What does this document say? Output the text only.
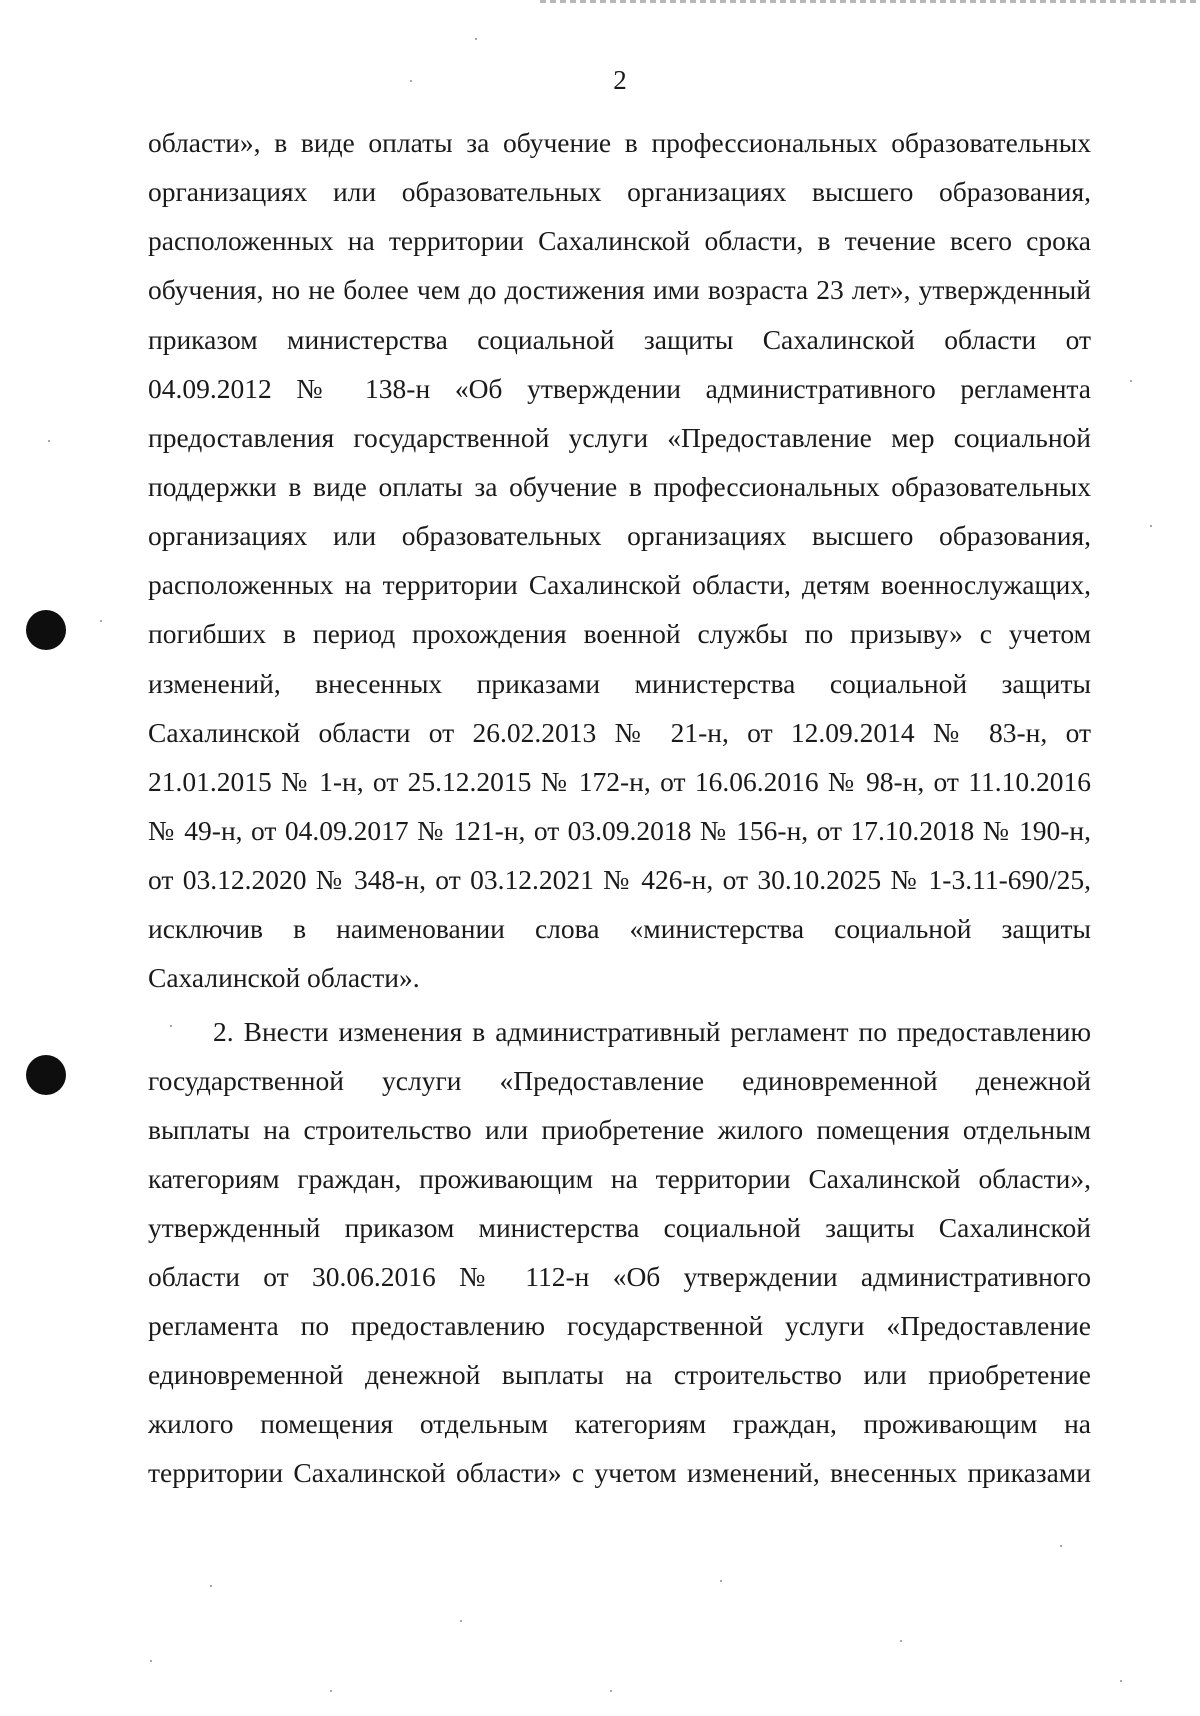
2
области», в виде оплаты за обучение в профессиональных образовательных
организациях или образовательных организациях высшего образования,
расположенных на территории Сахалинской области, в течение всего срока
обучения, но не более чем до достижения ими возраста 23 лет», утвержденный
приказом министерства социальной защиты Сахалинской области от
04.09.2012 № 138-н «Об утверждении административного регламента
предоставления государственной услуги «Предоставление мер социальной
поддержки в виде оплаты за обучение в профессиональных образовательных
организациях или образовательных организациях высшего образования,
расположенных на территории Сахалинской области, детям военнослужащих,
погибших в период прохождения военной службы по призыву» с учетом
изменений, внесенных приказами министерства социальной защиты
Сахалинской области от 26.02.2013 № 21-н, от 12.09.2014 № 83-н, от
21.01.2015 № 1-н, от 25.12.2015 № 172-н, от 16.06.2016 № 98-н, от 11.10.2016
№ 49-н, от 04.09.2017 № 121-н, от 03.09.2018 № 156-н, от 17.10.2018 № 190-н,
от 03.12.2020 № 348-н, от 03.12.2021 № 426-н, от 30.10.2025 № 1-3.11-690/25,
исключив в наименовании слова «министерства социальной защиты
Сахалинской области».
2. Внести изменения в административный регламент по предоставлению
государственной услуги «Предоставление единовременной денежной
выплаты на строительство или приобретение жилого помещения отдельным
категориям граждан, проживающим на территории Сахалинской области»,
утвержденный приказом министерства социальной защиты Сахалинской
области от 30.06.2016 № 112-н «Об утверждении административного
регламента по предоставлению государственной услуги «Предоставление
единовременной денежной выплаты на строительство или приобретение
жилого помещения отдельным категориям граждан, проживающим на
территории Сахалинской области» с учетом изменений, внесенных приказами
